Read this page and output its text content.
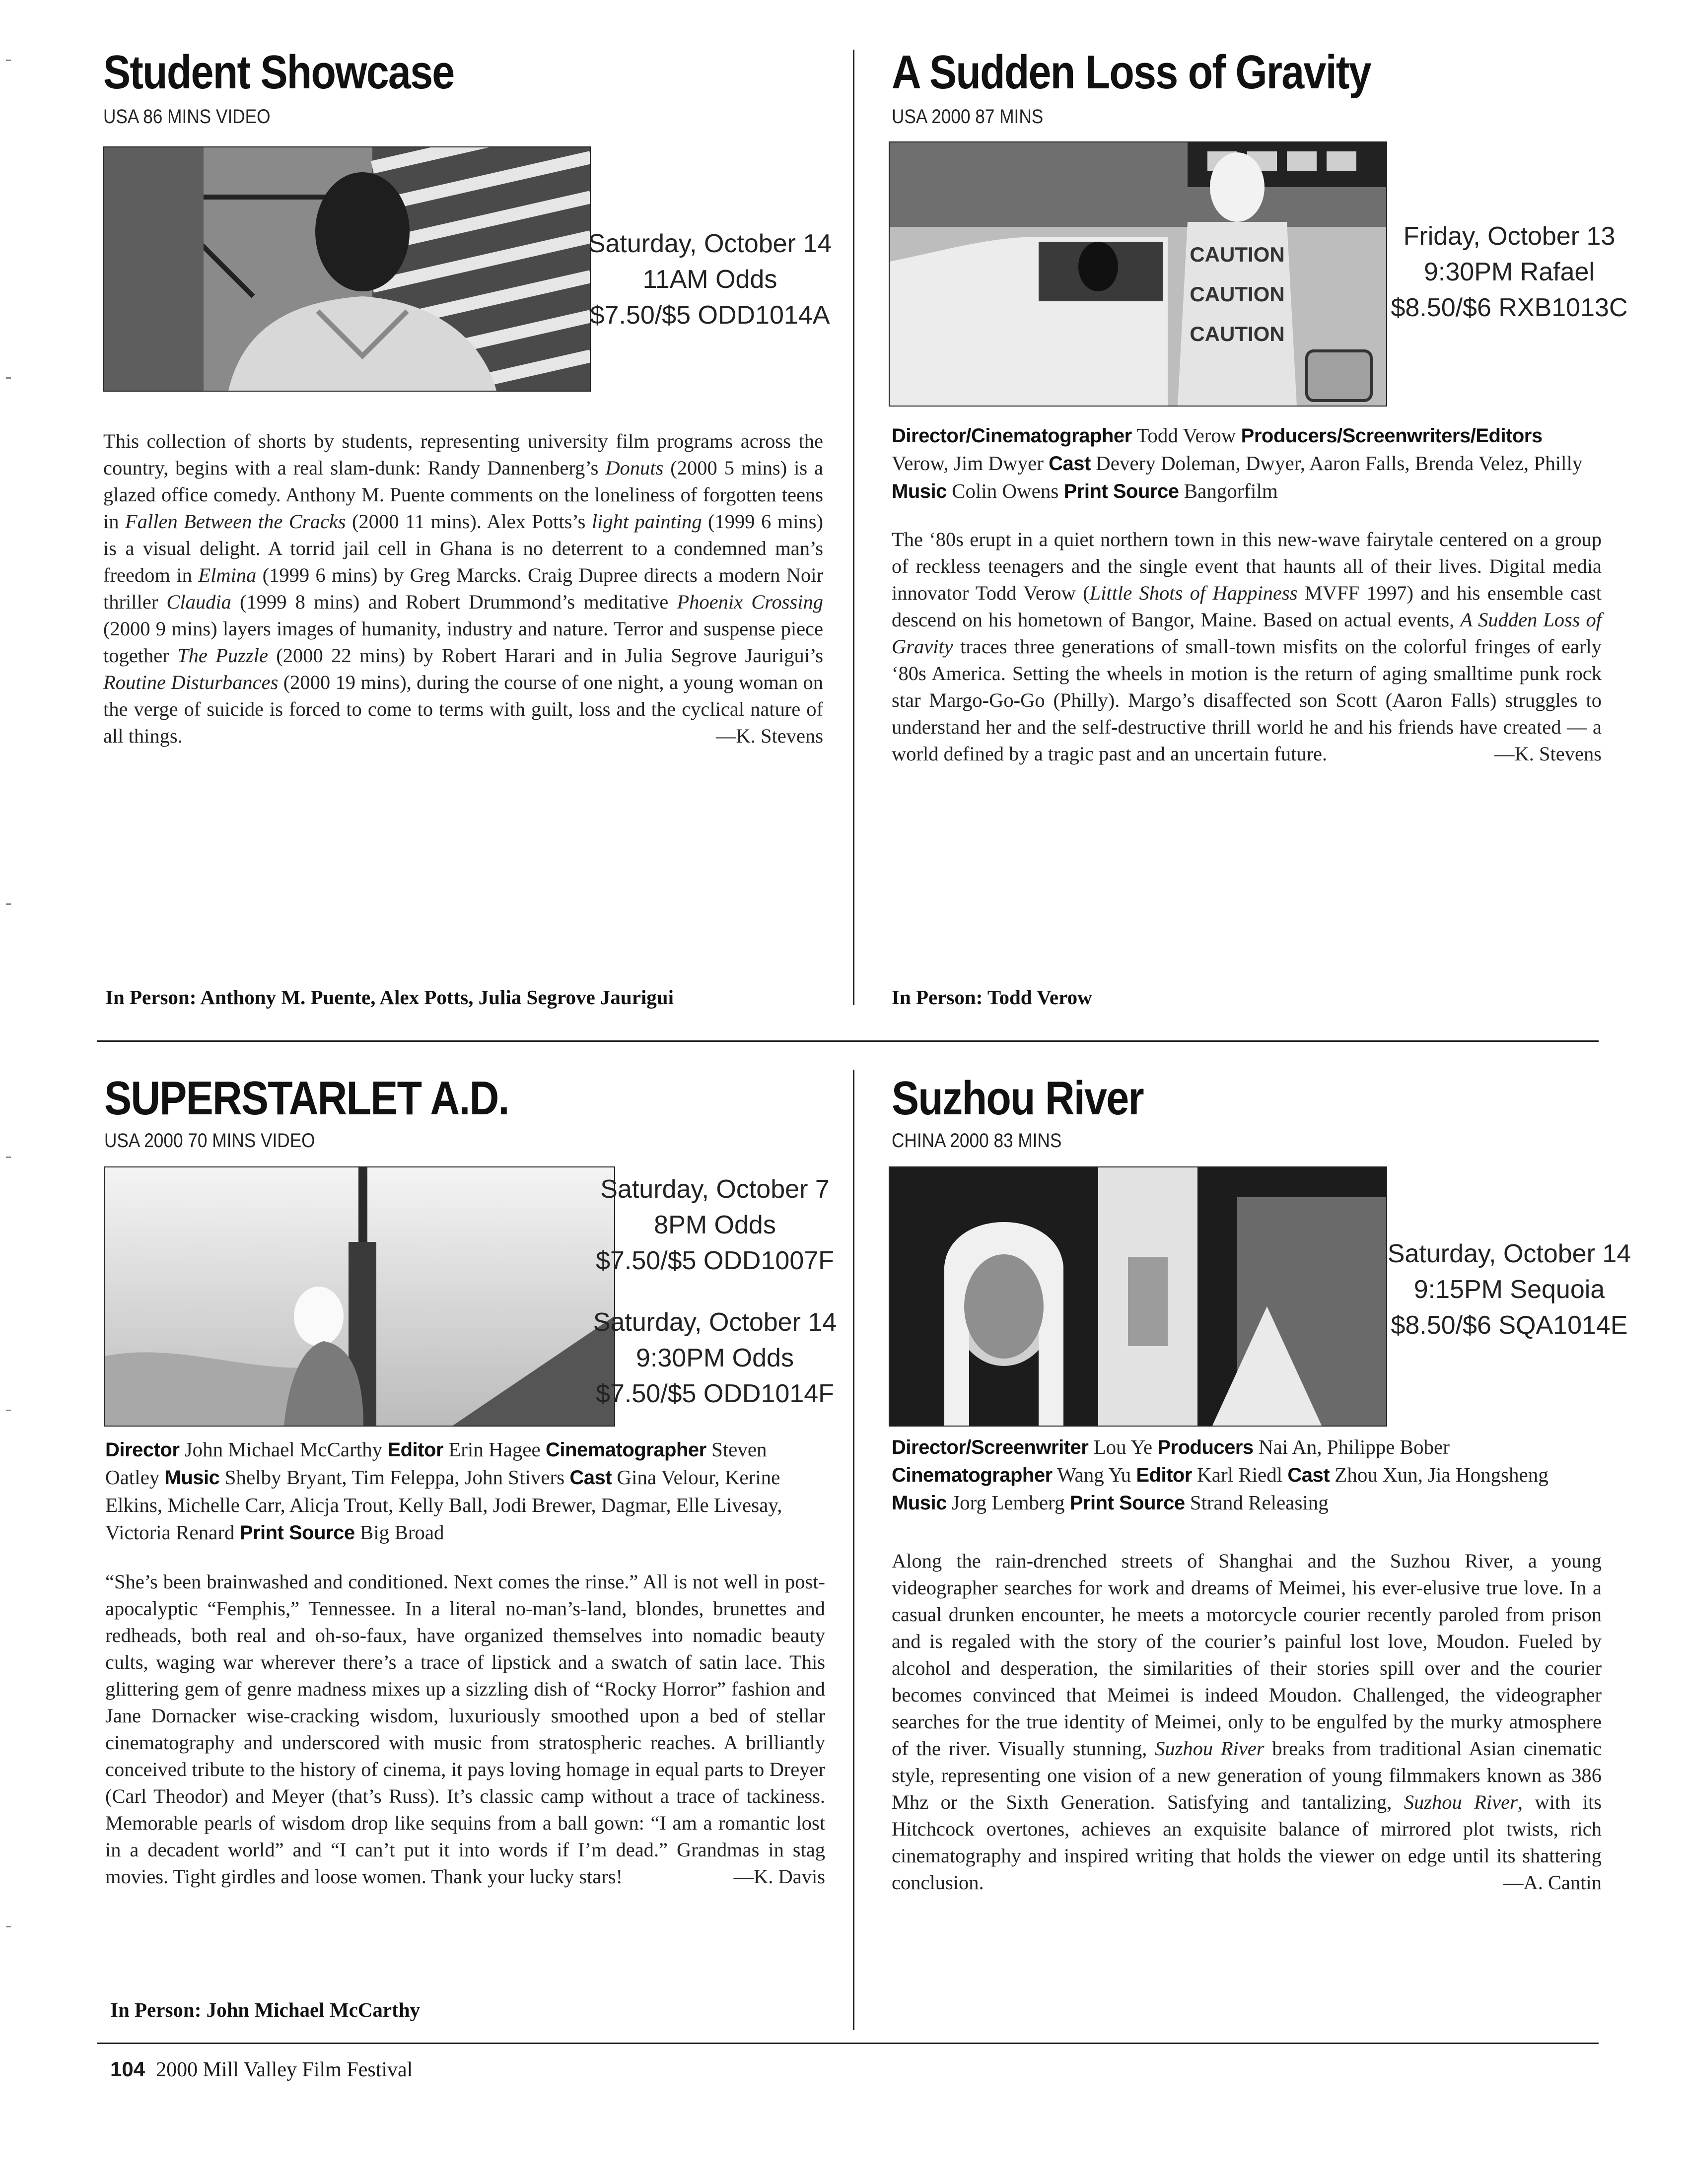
Student Showcase
USA 86 MINS VIDEO
Saturday, October 14
11AM Odds
$7.50/$5 ODD1014A
This collection of shorts by students, representing university film programs across the country, begins with a real slam-dunk: Randy Dannenberg’s Donuts (2000 5 mins) is a glazed office comedy. Anthony M. Puente comments on the loneliness of forgotten teens in Fallen Between the Cracks (2000 11 mins). Alex Potts’s light painting (1999 6 mins) is a visual delight. A torrid jail cell in Ghana is no deterrent to a condemned man’s freedom in Elmina (1999 6 mins) by Greg Marcks. Craig Dupree directs a modern Noir thriller Claudia (1999 8 mins) and Robert Drummond’s meditative Phoenix Crossing (2000 9 mins) layers images of humanity, industry and nature. Terror and suspense piece together The Puzzle (2000 22 mins) by Robert Harari and in Julia Segrove Jaurigui’s Routine Disturbances (2000 19 mins), during the course of one night, a young woman on the verge of suicide is forced to come to terms with guilt, loss and the cyclical nature of all things.	—K. Stevens
In Person: Anthony M. Puente, Alex Potts, Julia Segrove Jaurigui
A Sudden Loss of Gravity
USA 2000 87 MINS
CAUTION
CAUTION
CAUTION
Friday, October 13
9:30PM Rafael
$8.50/$6 RXB1013C
Director/Cinematographer Todd Verow Producers/Screenwriters/Editors Verow, Jim Dwyer Cast Devery Doleman, Dwyer, Aaron Falls, Brenda Velez, Philly Music Colin Owens Print Source Bangorfilm
The ‘80s erupt in a quiet northern town in this new-wave fairytale centered on a group of reckless teenagers and the single event that haunts all of their lives. Digital media innovator Todd Verow (Little Shots of Happiness MVFF 1997) and his ensemble cast descend on his hometown of Bangor, Maine. Based on actual events, A Sudden Loss of Gravity traces three generations of small-town misfits on the colorful fringes of early ‘80s America. Setting the wheels in motion is the return of aging smalltime punk rock star Margo-Go-Go (Philly). Margo’s disaffected son Scott (Aaron Falls) struggles to understand her and the self-destructive thrill world he and his friends have created — a world defined by a tragic past and an uncertain future.	—K. Stevens
In Person: Todd Verow
SUPERSTARLET A.D.
USA 2000 70 MINS VIDEO
Saturday, October 7
8PM Odds
$7.50/$5 ODD1007F
Saturday, October 14
9:30PM Odds
$7.50/$5 ODD1014F
Director John Michael McCarthy Editor Erin Hagee Cinematographer Steven Oatley Music Shelby Bryant, Tim Feleppa, John Stivers Cast Gina Velour, Kerine Elkins, Michelle Carr, Alicja Trout, Kelly Ball, Jodi Brewer, Dagmar, Elle Livesay, Victoria Renard Print Source Big Broad
“She’s been brainwashed and conditioned. Next comes the rinse.” All is not well in post-apocalyptic “Femphis,” Tennessee. In a literal no-man’s-land, blondes, brunettes and redheads, both real and oh-so-faux, have organized themselves into nomadic beauty cults, waging war wherever there’s a trace of lipstick and a swatch of satin lace. This glittering gem of genre madness mixes up a sizzling dish of “Rocky Horror” fashion and Jane Dornacker wise-cracking wisdom, luxuriously smoothed upon a bed of stellar cinematography and underscored with music from stratospheric reaches. A brilliantly conceived tribute to the history of cinema, it pays loving homage in equal parts to Dreyer (Carl Theodor) and Meyer (that’s Russ). It’s classic camp without a trace of tackiness. Memorable pearls of wisdom drop like sequins from a ball gown: “I am a romantic lost in a decadent world” and “I can’t put it into words if I’m dead.” Grandmas in stag movies. Tight girdles and loose women. Thank your lucky stars!	—K. Davis
In Person: John Michael McCarthy
Suzhou River
CHINA 2000 83 MINS
Saturday, October 14
9:15PM Sequoia
$8.50/$6 SQA1014E
Director/Screenwriter Lou Ye Producers Nai An, Philippe Bober Cinematographer Wang Yu Editor Karl Riedl Cast Zhou Xun, Jia Hongsheng Music Jorg Lemberg Print Source Strand Releasing
Along the rain-drenched streets of Shanghai and the Suzhou River, a young videographer searches for work and dreams of Meimei, his ever-elusive true love. In a casual drunken encounter, he meets a motorcycle courier recently paroled from prison and is regaled with the story of the courier’s painful lost love, Moudon. Fueled by alcohol and desperation, the similarities of their stories spill over and the courier becomes convinced that Meimei is indeed Moudon. Challenged, the videographer searches for the true identity of Meimei, only to be engulfed by the murky atmosphere of the river. Visually stunning, Suzhou River breaks from traditional Asian cinematic style, representing one vision of a new generation of young filmmakers known as 386 Mhz or the Sixth Generation. Satisfying and tantalizing, Suzhou River, with its Hitchcock overtones, achieves an exquisite balance of mirrored plot twists, rich cinematography and inspired writing that holds the viewer on edge until its shattering conclusion.	—A. Cantin
104 2000 Mill Valley Film Festival
